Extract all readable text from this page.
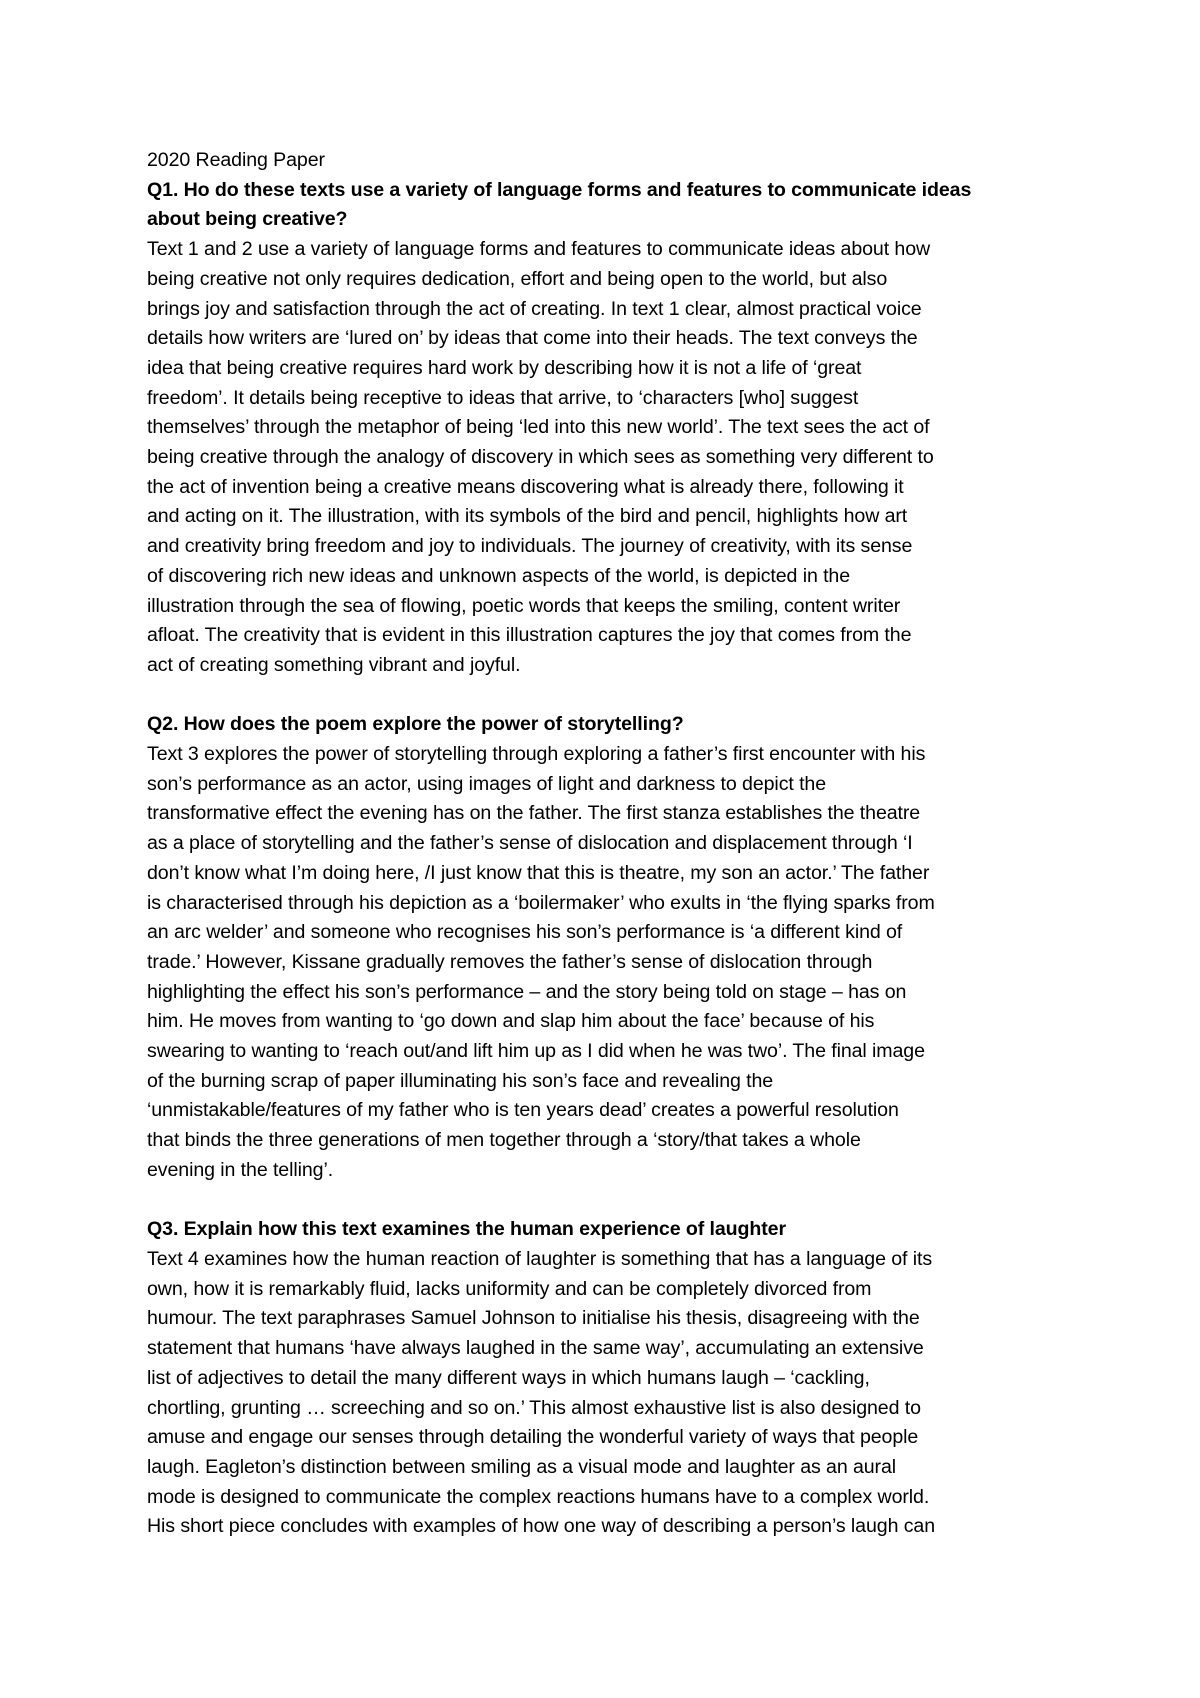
2020 Reading Paper
Q1. Ho do these texts use a variety of language forms and features to communicate ideas
about being creative?
Text 1 and 2 use a variety of language forms and features to communicate ideas about how
being creative not only requires dedication, effort and being open to the world, but also
brings joy and satisfaction through the act of creating. In text 1 clear, almost practical voice
details how writers are ‘lured on’ by ideas that come into their heads. The text conveys the
idea that being creative requires hard work by describing how it is not a life of ‘great
freedom’. It details being receptive to ideas that arrive, to ‘characters [who] suggest
themselves’ through the metaphor of being ‘led into this new world’. The text sees the act of
being creative through the analogy of discovery in which sees as something very different to
the act of invention being a creative means discovering what is already there, following it
and acting on it. The illustration, with its symbols of the bird and pencil, highlights how art
and creativity bring freedom and joy to individuals. The journey of creativity, with its sense
of discovering rich new ideas and unknown aspects of the world, is depicted in the
illustration through the sea of flowing, poetic words that keeps the smiling, content writer
afloat. The creativity that is evident in this illustration captures the joy that comes from the
act of creating something vibrant and joyful.
Q2. How does the poem explore the power of storytelling?
Text 3 explores the power of storytelling through exploring a father’s first encounter with his
son’s performance as an actor, using images of light and darkness to depict the
transformative effect the evening has on the father. The first stanza establishes the theatre
as a place of storytelling and the father’s sense of dislocation and displacement through ‘I
don’t know what I’m doing here, /I just know that this is theatre, my son an actor.’ The father
is characterised through his depiction as a ‘boilermaker’ who exults in ‘the flying sparks from
an arc welder’ and someone who recognises his son’s performance is ‘a different kind of
trade.’ However, Kissane gradually removes the father’s sense of dislocation through
highlighting the effect his son’s performance – and the story being told on stage – has on
him. He moves from wanting to ‘go down and slap him about the face’ because of his
swearing to wanting to ‘reach out/and lift him up as I did when he was two’. The final image
of the burning scrap of paper illuminating his son’s face and revealing the
‘unmistakable/features of my father who is ten years dead’ creates a powerful resolution
that binds the three generations of men together through a ‘story/that takes a whole
evening in the telling’.
Q3. Explain how this text examines the human experience of laughter
Text 4 examines how the human reaction of laughter is something that has a language of its
own, how it is remarkably fluid, lacks uniformity and can be completely divorced from
humour. The text paraphrases Samuel Johnson to initialise his thesis, disagreeing with the
statement that humans ‘have always laughed in the same way’, accumulating an extensive
list of adjectives to detail the many different ways in which humans laugh – ‘cackling,
chortling, grunting … screeching and so on.’ This almost exhaustive list is also designed to
amuse and engage our senses through detailing the wonderful variety of ways that people
laugh. Eagleton’s distinction between smiling as a visual mode and laughter as an aural
mode is designed to communicate the complex reactions humans have to a complex world.
His short piece concludes with examples of how one way of describing a person’s laugh can
